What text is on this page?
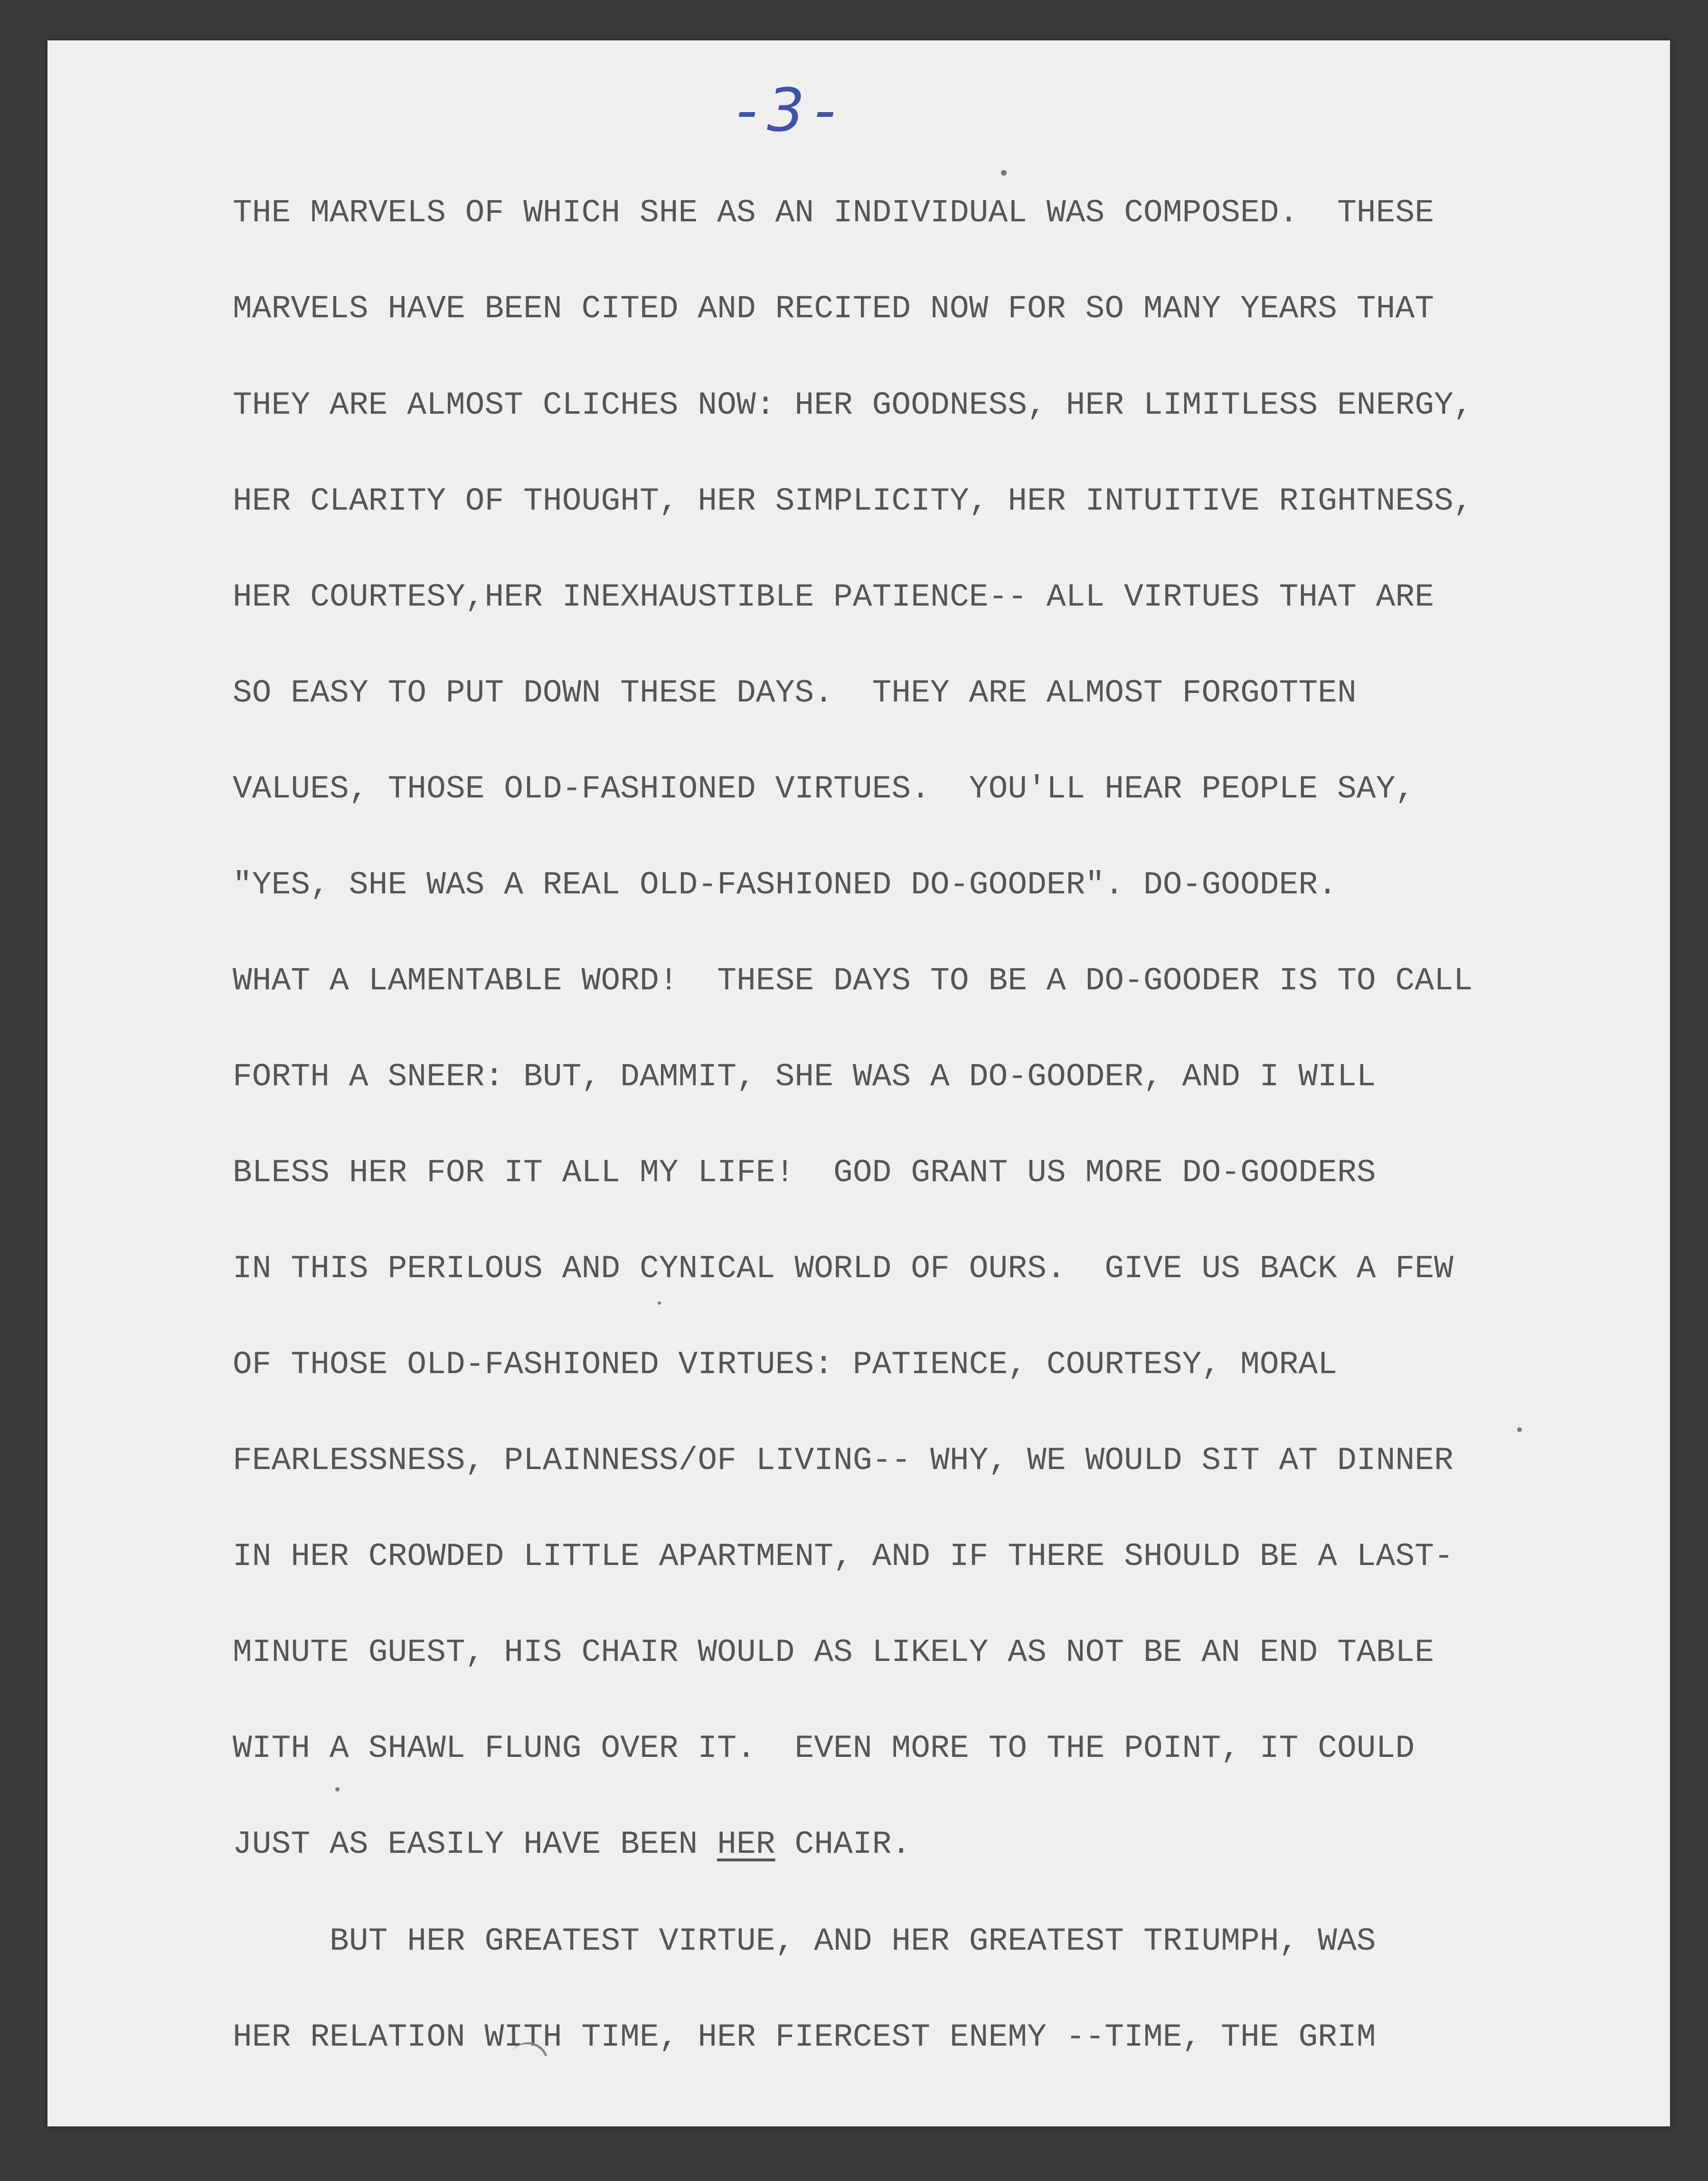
-3-
THE MARVELS OF WHICH SHE AS AN INDIVIDUAL WAS COMPOSED.  THESE
MARVELS HAVE BEEN CITED AND RECITED NOW FOR SO MANY YEARS THAT
THEY ARE ALMOST CLICHES NOW: HER GOODNESS, HER LIMITLESS ENERGY,
HER CLARITY OF THOUGHT, HER SIMPLICITY, HER INTUITIVE RIGHTNESS,
HER COURTESY,HER INEXHAUSTIBLE PATIENCE-- ALL VIRTUES THAT ARE
SO EASY TO PUT DOWN THESE DAYS.  THEY ARE ALMOST FORGOTTEN
VALUES, THOSE OLD-FASHIONED VIRTUES.  YOU'LL HEAR PEOPLE SAY,
"YES, SHE WAS A REAL OLD-FASHIONED DO-GOODER". DO-GOODER.
WHAT A LAMENTABLE WORD!  THESE DAYS TO BE A DO-GOODER IS TO CALL
FORTH A SNEER: BUT, DAMMIT, SHE WAS A DO-GOODER, AND I WILL
BLESS HER FOR IT ALL MY LIFE!  GOD GRANT US MORE DO-GOODERS
IN THIS PERILOUS AND CYNICAL WORLD OF OURS.  GIVE US BACK A FEW
OF THOSE OLD-FASHIONED VIRTUES: PATIENCE, COURTESY, MORAL
FEARLESSNESS, PLAINNESS/OF LIVING-- WHY, WE WOULD SIT AT DINNER
IN HER CROWDED LITTLE APARTMENT, AND IF THERE SHOULD BE A LAST-
MINUTE GUEST, HIS CHAIR WOULD AS LIKELY AS NOT BE AN END TABLE
WITH A SHAWL FLUNG OVER IT.  EVEN MORE TO THE POINT, IT COULD
JUST AS EASILY HAVE BEEN HER CHAIR.
BUT HER GREATEST VIRTUE, AND HER GREATEST TRIUMPH, WAS
HER RELATION WITH TIME, HER FIERCEST ENEMY --TIME, THE GRIM
